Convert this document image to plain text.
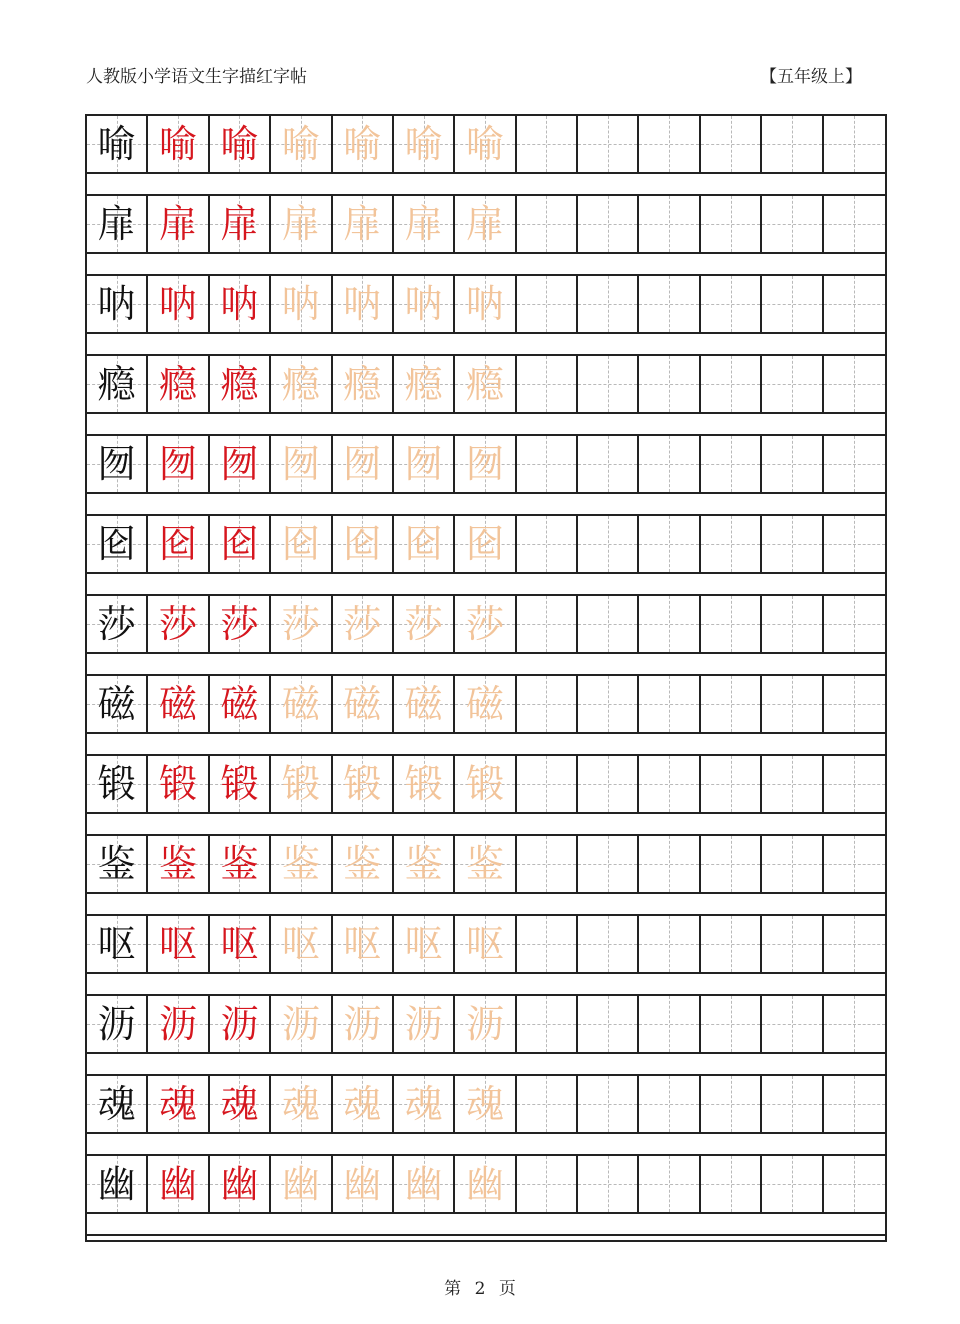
人教版小学语文生字描红字帖	【五年级上】
喻 喻 喻 喻 喻 喻 喻
扉 扉 扉 扉 扉 扉 扉
呐 呐 呐 呐 呐 呐 呐
瘾 瘾 瘾 瘾 瘾 瘾 瘾
囫 囫 囫 囫 囫 囫 囫
囵 囵 囵 囵 囵 囵 囵
莎 莎 莎 莎 莎 莎 莎
磁 磁 磁 磁 磁 磁 磁
锻 锻 锻 锻 锻 锻 锻
鉴 鉴 鉴 鉴 鉴 鉴 鉴
呕 呕 呕 呕 呕 呕 呕
沥 沥 沥 沥 沥 沥 沥
魂 魂 魂 魂 魂 魂 魂
幽 幽 幽 幽 幽 幽 幽
第 2 页
